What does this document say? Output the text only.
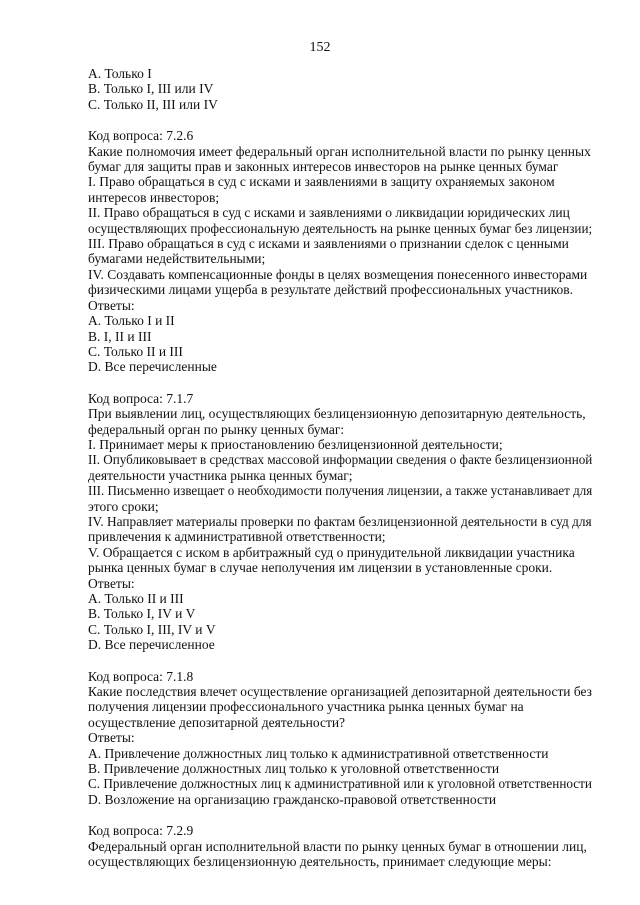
152
A. Только I
B. Только I, III или IV
C. Только II, III или IV
Код вопроса: 7.2.6
Какие полномочия имеет федеральный орган исполнительной власти по рынку ценных
бумаг для защиты прав и законных интересов инвесторов на рынке ценных бумаг
I. Право обращаться в суд с исками и заявлениями в защиту охраняемых законом
интересов инвесторов;
II. Право обращаться в суд с исками и заявлениями о ликвидации юридических лиц
осуществляющих профессиональную деятельность на рынке ценных бумаг без лицензии;
III. Право обращаться в суд с исками и заявлениями о признании сделок с ценными
бумагами недействительными;
IV. Создавать компенсационные фонды в целях возмещения понесенного инвесторами
физическими лицами ущерба в результате действий профессиональных участников.
Ответы:
A. Только I и II
B. I, II и III
C. Только II и III
D. Все перечисленные
Код вопроса: 7.1.7
При выявлении лиц, осуществляющих безлицензионную депозитарную деятельность,
федеральный орган по рынку ценных бумаг:
I. Принимает меры к приостановлению безлицензионной деятельности;
II. Опубликовывает в средствах массовой информации сведения о факте безлицензионной
деятельности участника рынка ценных бумаг;
III. Письменно извещает о необходимости получения лицензии, а также устанавливает для
этого сроки;
IV. Направляет материалы проверки по фактам безлицензионной деятельности в суд для
привлечения к административной ответственности;
V. Обращается с иском в арбитражный суд о принудительной ликвидации участника
рынка ценных бумаг в случае неполучения им лицензии в установленные сроки.
Ответы:
A. Только II и III
B. Только I, IV и V
C. Только I, III, IV и V
D. Все перечисленное
Код вопроса: 7.1.8
Какие последствия влечет осуществление организацией депозитарной деятельности без
получения лицензии профессионального участника рынка ценных бумаг на
осуществление депозитарной деятельности?
Ответы:
A. Привлечение должностных лиц только к административной ответственности
B. Привлечение должностных лиц только к уголовной ответственности
C. Привлечение должностных лиц к административной или к уголовной ответственности
D. Возложение на организацию гражданско-правовой ответственности
Код вопроса: 7.2.9
Федеральный орган исполнительной власти по рынку ценных бумаг в отношении лиц,
осуществляющих безлицензионную деятельность, принимает следующие меры:
